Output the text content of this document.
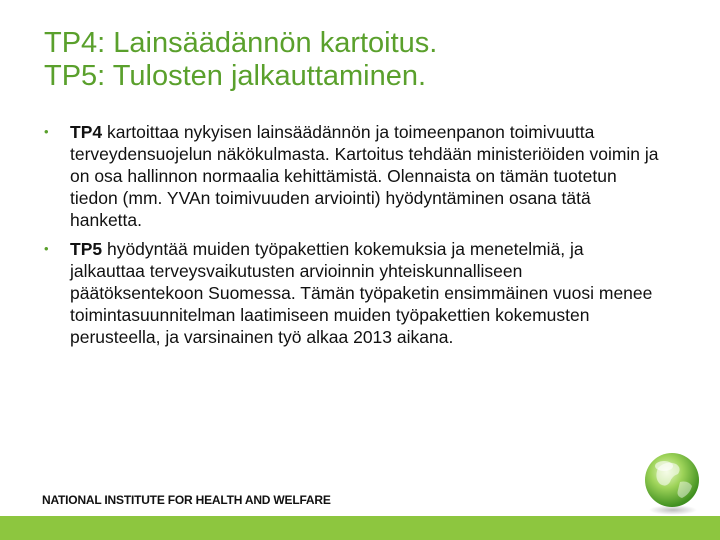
TP4: Lainsäädännön kartoitus.
TP5: Tulosten jalkauttaminen.
• TP4 kartoittaa nykyisen lainsäädännön ja toimeenpanon toimivuutta terveydensuojelun näkökulmasta. Kartoitus tehdään ministeriöiden voimin ja on osa hallinnon normaalia kehittämistä. Olennaista on tämän tuotetun tiedon (mm. YVAn toimivuuden arviointi) hyödyntäminen osana tätä hanketta.
• TP5 hyödyntää muiden työpakettien kokemuksia ja menetelmiä, ja jalkauttaa terveysvaikutusten arvioinnin yhteiskunnalliseen päätöksentekoon Suomessa. Tämän työpaketin ensimmäinen vuosi menee toimintasuunnitelman laatimiseen muiden työpakettien kokemusten perusteella, ja varsinainen työ alkaa 2013 aikana.
NATIONAL INSTITUTE FOR HEALTH AND WELFARE
